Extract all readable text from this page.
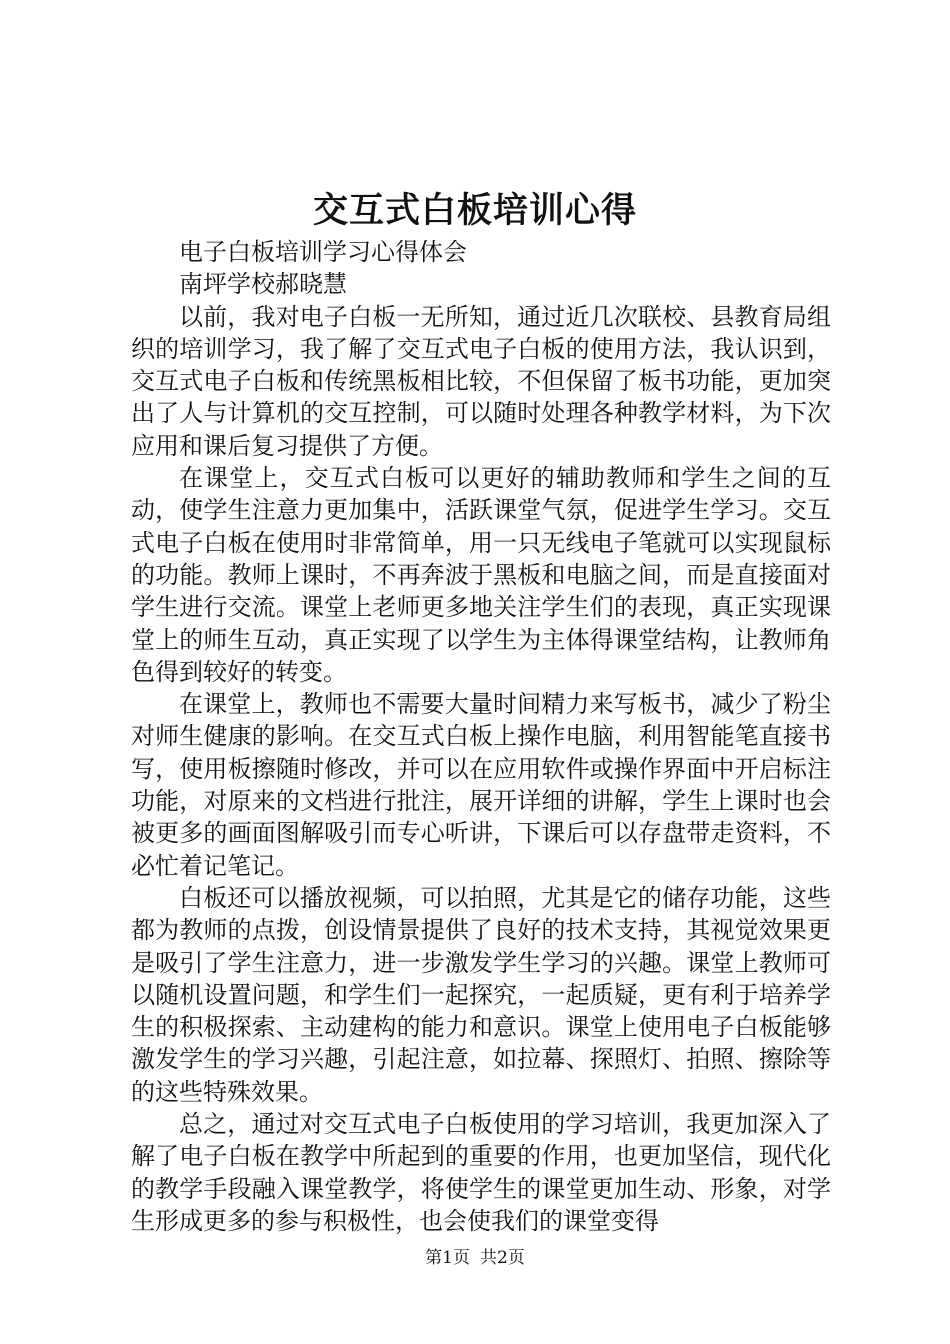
交互式白板培训心得

电子白板培训学习心得体会

南坪学校郝晓慧

以前，我对电子白板一无所知，通过近几次联校、县教育局组织的培训学习，我了解了交互式电子白板的使用方法，我认识到，交互式电子白板和传统黑板相比较，不但保留了板书功能，更加突出了人与计算机的交互控制，可以随时处理各种教学材料，为下次应用和课后复习提供了方便。

在课堂上，交互式白板可以更好的辅助教师和学生之间的互动，使学生注意力更加集中，活跃课堂气氛，促进学生学习。交互式电子白板在使用时非常简单，用一只无线电子笔就可以实现鼠标的功能。教师上课时，不再奔波于黑板和电脑之间，而是直接面对学生进行交流。课堂上老师更多地关注学生们的表现，真正实现课堂上的师生互动，真正实现了以学生为主体得课堂结构，让教师角色得到较好的转变。

在课堂上，教师也不需要大量时间精力来写板书，减少了粉尘对师生健康的影响。在交互式白板上操作电脑，利用智能笔直接书写，使用板擦随时修改，并可以在应用软件或操作界面中开启标注功能，对原来的文档进行批注，展开详细的讲解，学生上课时也会被更多的画面图解吸引而专心听讲，下课后可以存盘带走资料，不必忙着记笔记。

白板还可以播放视频，可以拍照，尤其是它的储存功能，这些都为教师的点拨，创设情景提供了良好的技术支持，其视觉效果更是吸引了学生注意力，进一步激发学生学习的兴趣。课堂上教师可以随机设置问题，和学生们一起探究，一起质疑，更有利于培养学生的积极探索、主动建构的能力和意识。课堂上使用电子白板能够激发学生的学习兴趣，引起注意，如拉幕、探照灯、拍照、擦除等的这些特殊效果。

总之，通过对交互式电子白板使用的学习培训，我更加深入了解了电子白板在教学中所起到的重要的作用，也更加坚信，现代化的教学手段融入课堂教学，将使学生的课堂更加生动、形象，对学生形成更多的参与积极性，也会使我们的课堂变得

第1页 共2页
